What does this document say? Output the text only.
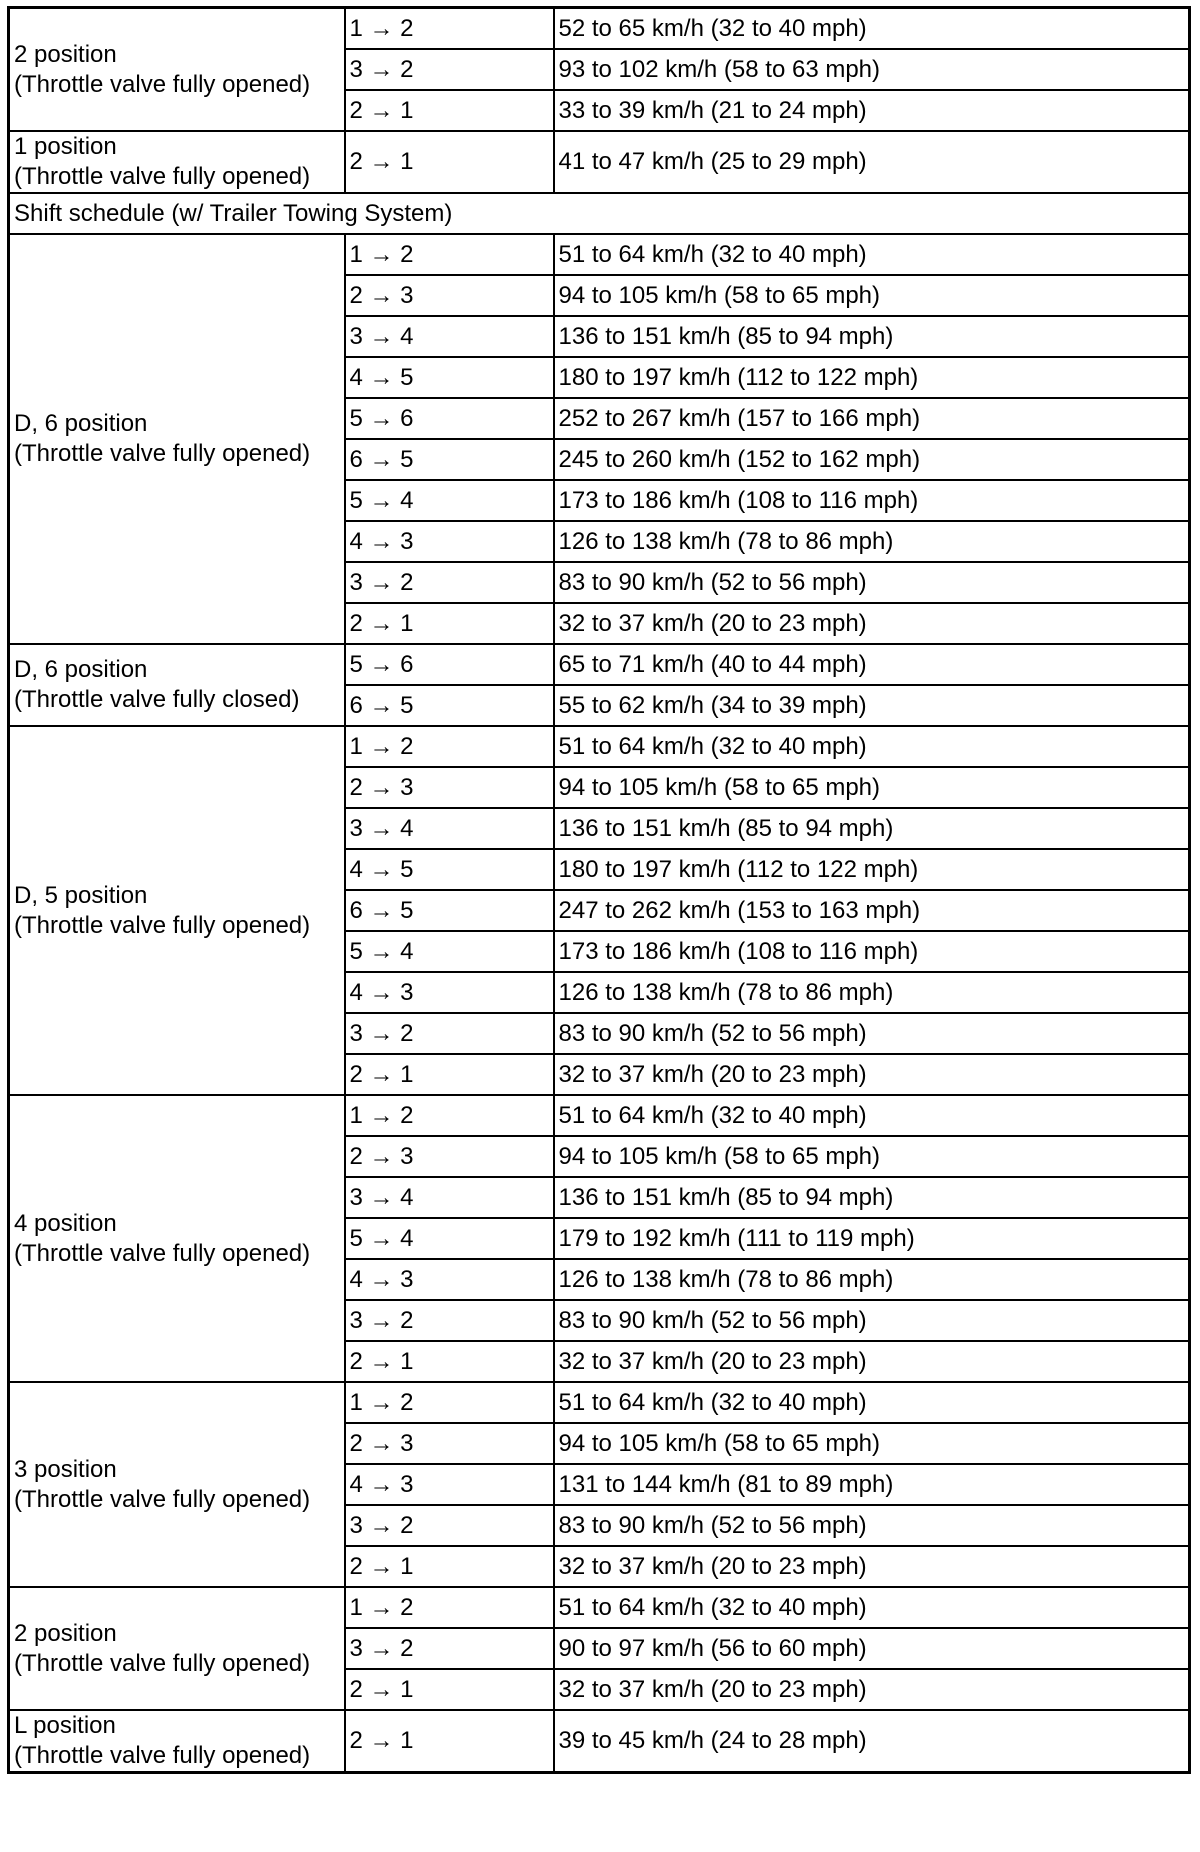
2 position
(Throttle valve fully opened)	1 → 2	52 to 65 km/h (32 to 40 mph)
	3 → 2	93 to 102 km/h (58 to 63 mph)
	2 → 1	33 to 39 km/h (21 to 24 mph)

1 position
(Throttle valve fully opened)	2 → 1	41 to 47 km/h (25 to 29 mph)
Shift schedule (w/ Trailer Towing System)		

D, 6 position
(Throttle valve fully opened)	1 → 2	51 to 64 km/h (32 to 40 mph)
	2 → 3	94 to 105 km/h (58 to 65 mph)
	3 → 4	136 to 151 km/h (85 to 94 mph)
	4 → 5	180 to 197 km/h (112 to 122 mph)
	5 → 6	252 to 267 km/h (157 to 166 mph)
	6 → 5	245 to 260 km/h (152 to 162 mph)
	5 → 4	173 to 186 km/h (108 to 116 mph)
	4 → 3	126 to 138 km/h (78 to 86 mph)
	3 → 2	83 to 90 km/h (52 to 56 mph)
	2 → 1	32 to 37 km/h (20 to 23 mph)

D, 6 position
(Throttle valve fully closed)	5 → 6	65 to 71 km/h (40 to 44 mph)
	6 → 5	55 to 62 km/h (34 to 39 mph)

D, 5 position
(Throttle valve fully opened)	1 → 2	51 to 64 km/h (32 to 40 mph)
	2 → 3	94 to 105 km/h (58 to 65 mph)
	3 → 4	136 to 151 km/h (85 to 94 mph)
	4 → 5	180 to 197 km/h (112 to 122 mph)
	6 → 5	247 to 262 km/h (153 to 163 mph)
	5 → 4	173 to 186 km/h (108 to 116 mph)
	4 → 3	126 to 138 km/h (78 to 86 mph)
	3 → 2	83 to 90 km/h (52 to 56 mph)
	2 → 1	32 to 37 km/h (20 to 23 mph)

4 position
(Throttle valve fully opened)	1 → 2	51 to 64 km/h (32 to 40 mph)
	2 → 3	94 to 105 km/h (58 to 65 mph)
	3 → 4	136 to 151 km/h (85 to 94 mph)
	5 → 4	179 to 192 km/h (111 to 119 mph)
	4 → 3	126 to 138 km/h (78 to 86 mph)
	3 → 2	83 to 90 km/h (52 to 56 mph)
	2 → 1	32 to 37 km/h (20 to 23 mph)

3 position
(Throttle valve fully opened)	1 → 2	51 to 64 km/h (32 to 40 mph)
	2 → 3	94 to 105 km/h (58 to 65 mph)
	4 → 3	131 to 144 km/h (81 to 89 mph)
	3 → 2	83 to 90 km/h (52 to 56 mph)
	2 → 1	32 to 37 km/h (20 to 23 mph)

2 position
(Throttle valve fully opened)	1 → 2	51 to 64 km/h (32 to 40 mph)
	3 → 2	90 to 97 km/h (56 to 60 mph)
	2 → 1	32 to 37 km/h (20 to 23 mph)

L position
(Throttle valve fully opened)	2 → 1	39 to 45 km/h (24 to 28 mph)
